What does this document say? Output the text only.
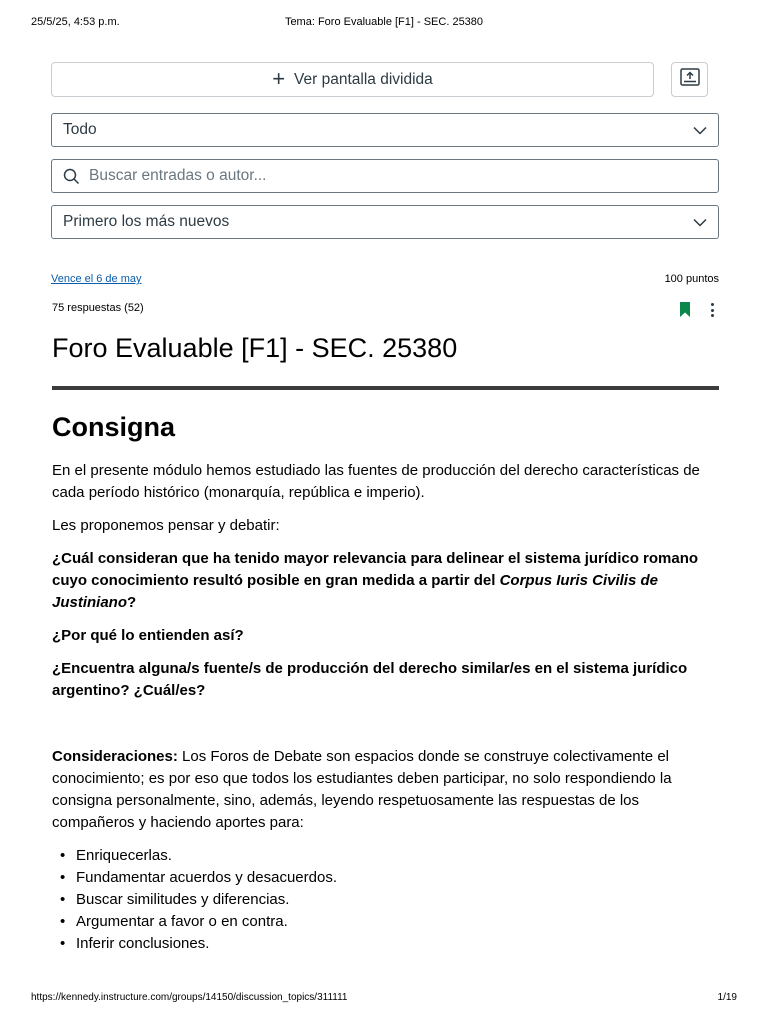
25/5/25, 4:53 p.m.	Tema: Foro Evaluable [F1] - SEC. 25380
+ Ver pantalla dividida
Todo
Buscar entradas o autor...
Primero los más nuevos
Vence el 6 de may	100 puntos
75 respuestas (52)
Foro Evaluable [F1] - SEC. 25380
Consigna

En el presente módulo hemos estudiado las fuentes de producción del derecho características de cada período histórico (monarquía, república e imperio).

Les proponemos pensar y debatir:

¿Cuál consideran que ha tenido mayor relevancia para delinear el sistema jurídico romano cuyo conocimiento resultó posible en gran medida a partir del Corpus Iuris Civilis de Justiniano?

¿Por qué lo entienden así?

¿Encuentra alguna/s fuente/s de producción del derecho similar/es en el sistema jurídico argentino? ¿Cuál/es?

Consideraciones: Los Foros de Debate son espacios donde se construye colectivamente el conocimiento; es por eso que todos los estudiantes deben participar, no solo respondiendo la consigna personalmente, sino, además, leyendo respetuosamente las respuestas de los compañeros y haciendo aportes para:

• Enriquecerlas.
• Fundamentar acuerdos y desacuerdos.
• Buscar similitudes y diferencias.
• Argumentar a favor o en contra.
• Inferir conclusiones.
https://kennedy.instructure.com/groups/14150/discussion_topics/311111	1/19
